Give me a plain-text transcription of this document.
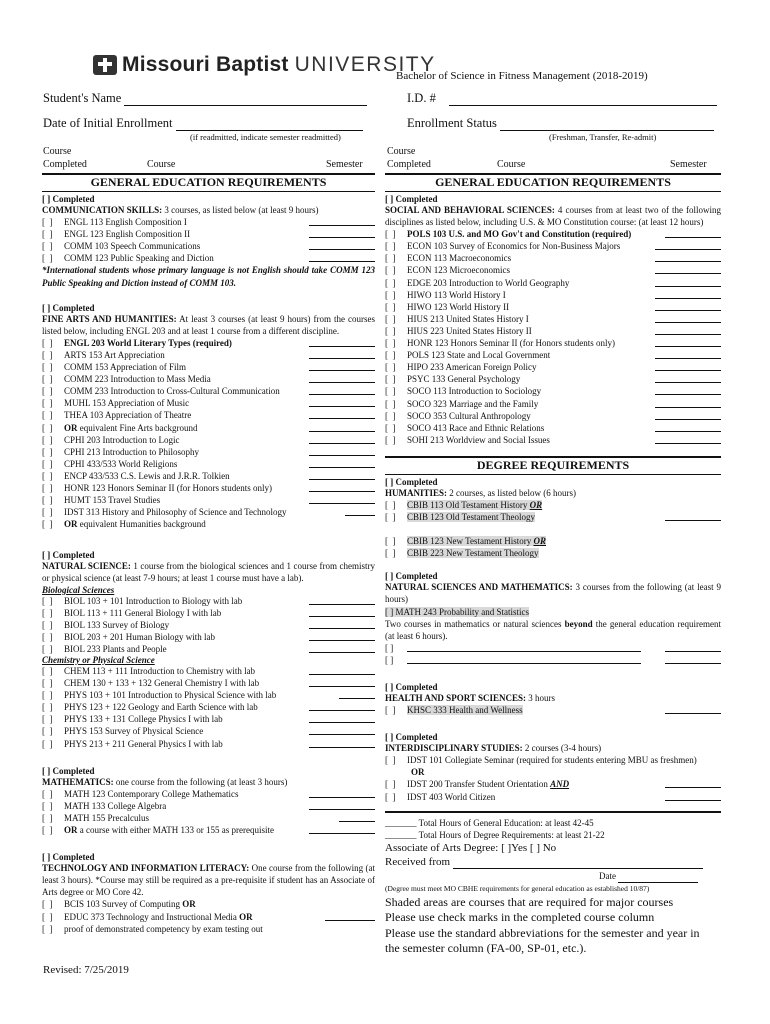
Missouri Baptist UNIVERSITY
Bachelor of Science in Fitness Management (2018-2019)
Student's Name	I.D. #
Date of Initial Enrollment
(if readmitted, indicate semester readmitted)
Enrollment Status
(Freshman, Transfer, Re-admit)
Course
Completed	Course	Semester
Course
Completed	Course	Semester
GENERAL EDUCATION REQUIREMENTS
[ ] Completed
COMMUNICATION SKILLS: 3 courses, as listed below (at least 9 hours)
[  ]	ENGL 113 English Composition I
[  ]	ENGL 123 English Composition II
[  ]	COMM 103 Speech Communications
[  ]	COMM 123 Public Speaking and Diction
*International students whose primary language is not English should take COMM 123 Public Speaking and Diction instead of COMM 103.
[ ] Completed
FINE ARTS AND HUMANITIES: At least 3 courses (at least 9 hours) from the courses listed below, including ENGL 203 and at least 1 course from a different discipline.
[  ]	ENGL 203 World Literary Types (required)
[  ]	ARTS 153 Art Appreciation
[  ]	COMM 153 Appreciation of Film
[  ]	COMM 223 Introduction to Mass Media
[  ]	COMM 233 Introduction to Cross-Cultural Communication
[  ]	MUHL 153 Appreciation of Music
[  ]	THEA 103 Appreciation of Theatre
[  ]	OR equivalent Fine Arts background
[  ]	CPHI 203 Introduction to Logic
[  ]	CPHI 213 Introduction to Philosophy
[  ]	CPHI 433/533 World Religions
[  ]	ENCP 433/533 C.S. Lewis and J.R.R. Tolkien
[  ]	HONR 123 Honors Seminar II (for Honors students only)
[  ]	HUMT 153 Travel Studies
[  ]	IDST 313 History and Philosophy of Science and Technology
[  ]	OR equivalent Humanities background
[ ] Completed
NATURAL SCIENCE: 1 course from the biological sciences and 1 course from chemistry or physical science (at least 7-9 hours; at least 1 course must have a lab).
Biological Sciences
[  ]	BIOL 103 + 101 Introduction to Biology with lab
[  ]	BIOL 113 + 111 General Biology I with lab
[  ]	BIOL 133 Survey of Biology
[  ]	BIOL 203 + 201 Human Biology with lab
[  ]	BIOL 233 Plants and People
Chemistry or Physical Science
[  ]	CHEM 113 + 111 Introduction to Chemistry with lab
[  ]	CHEM 130 + 133 + 132 General Chemistry I with lab
[  ]	PHYS 103 + 101 Introduction to Physical Science with lab
[  ]	PHYS 123 + 122 Geology and Earth Science with lab
[  ]	PHYS 133 + 131 College Physics I with lab
[  ]	PHYS 153 Survey of Physical Science
[  ]	PHYS 213 + 211 General Physics I with lab
[ ] Completed
MATHEMATICS: one course from the following (at least 3 hours)
[  ]	MATH 123 Contemporary College Mathematics
[  ]	MATH 133 College Algebra
[  ]	MATH 155 Precalculus
[  ]	OR a course with either MATH 133 or 155 as prerequisite
[ ] Completed
TECHNOLOGY AND INFORMATION LITERACY: One course from the following (at least 3 hours). *Course may still be required as a pre-requisite if student has an Associate of Arts degree or MO Core 42.
[  ]	BCIS 103 Survey of Computing OR
[  ]	EDUC 373 Technology and Instructional Media OR
[  ]	proof of demonstrated competency by exam testing out
GENERAL EDUCATION REQUIREMENTS
[ ] Completed
SOCIAL AND BEHAVIORAL SCIENCES: 4 courses from at least two of the following disciplines as listed below, including U.S. & MO Constitution course: (at least 12 hours)
[  ]	POLS 103 U.S. and MO Gov't and Constitution (required)
[  ]	ECON 103 Survey of Economics for Non-Business Majors
[  ]	ECON 113 Macroeconomics
[  ]	ECON 123 Microeconomics
[  ]	EDGE 203 Introduction to World Geography
[  ]	HIWO 113 World History I
[  ]	HIWO 123 World History II
[  ]	HIUS 213 United States History I
[  ]	HIUS 223 United States History II
[  ]	HONR 123 Honors Seminar II (for Honors students only)
[  ]	POLS 123 State and Local Government
[  ]	HIPO 233 American Foreign Policy
[  ]	PSYC 133 General Psychology
[  ]	SOCO 113 Introduction to Sociology
[  ]	SOCO 323 Marriage and the Family
[  ]	SOCO 353 Cultural Anthropology
[  ]	SOCO 413 Race and Ethnic Relations
[  ]	SOHI 213 Worldview and Social Issues
DEGREE REQUIREMENTS
[ ] Completed
HUMANITIES: 2 courses, as listed below (6 hours)
[  ]	CBIB 113 Old Testament History OR
[  ]	CBIB 123 Old Testament Theology
[  ]	CBIB 123 New Testament History OR
[  ]	CBIB 223 New Testament Theology
[ ] Completed
NATURAL SCIENCES AND MATHEMATICS: 3 courses from the following (at least 9 hours)
[ ] MATH 243 Probability and Statistics
Two courses in mathematics or natural sciences beyond the general education requirement (at least 6 hours).
[ ]
[ ]
[ ] Completed
HEALTH AND SPORT SCIENCES: 3 hours
[  ]	KHSC 333 Health and Wellness
[ ] Completed
INTERDISCIPLINARY STUDIES: 2 courses (3-4 hours)
[  ]	IDST 101 Collegiate Seminar (required for students entering MBU as freshmen)
OR
[  ]	IDST 200 Transfer Student Orientation AND
[  ]	IDST 403 World Citizen
_______ Total Hours of General Education: at least 42-45
_______ Total Hours of Degree Requirements: at least 21-22
Associate of Arts Degree: [ ]Yes [ ] No
Received from
Date
(Degree must meet MO CBHE requirements for general education as established 10/87)
Shaded areas are courses that are required for major courses
Please use check marks in the completed course column
Please use the standard abbreviations for the semester and year in
the semester column (FA-00, SP-01, etc.).
Revised: 7/25/2019
